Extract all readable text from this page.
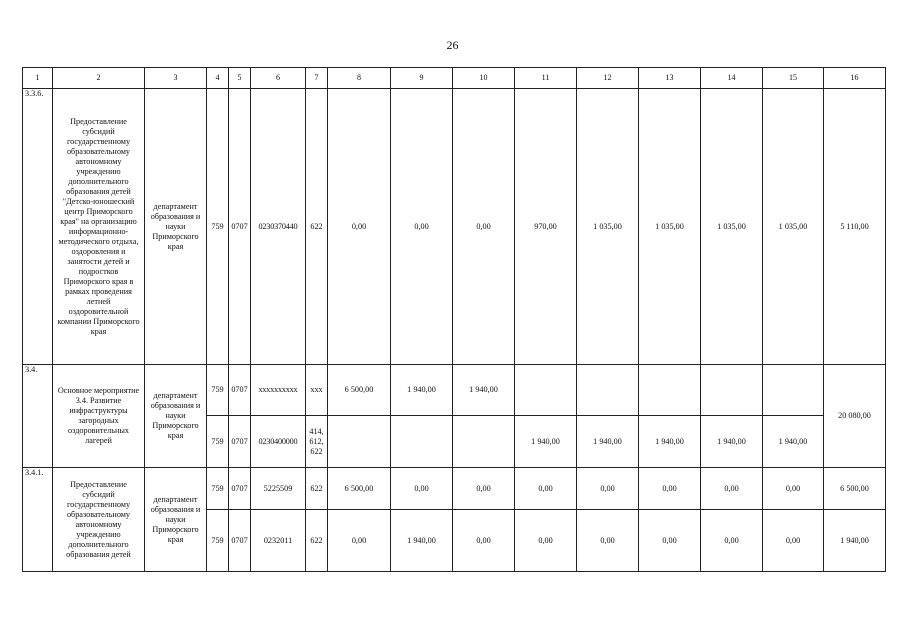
26
1	2	3	4	5	6	7	8	9	10	11	12	13	14	15	16
3.3.6.	Предоставление субсидий государственному образовательному автономному учреждению дополнительного образования детей "Детско-юношеский центр Приморского края" на организацию информационно-методического отдыха, оздоровления и занятости детей и подростков Приморского края в рамках проведения летней оздоровительной компании Приморского края	департамент образования и науки Приморского края	759	0707	0230370440	622	0,00	0,00	0,00	970,00	1 035,00	1 035,00	1 035,00	1 035,00	5 110,00
3.4.	Основное мероприятие 3.4. Развитие инфраструктуры загородных оздоровительных лагерей	департамент образования и науки Приморского края	759	0707	xxxxxxxxxx	xxx	6 500,00	1 940,00	1 940,00						20 080,00
			759	0707	0230400000	414, 612, 622				1 940,00	1 940,00	1 940,00	1 940,00	1 940,00	
3.4.1.	Предоставление субсидий государственному образовательному автономному учреждению дополнительного образования детей	департамент образования и науки Приморского края	759	0707	5225509	622	6 500,00	0,00	0,00	0,00	0,00	0,00	0,00	0,00	6 500,00
			759	0707	0232011	622	0,00	1 940,00	0,00	0,00	0,00	0,00	0,00	0,00	1 940,00
